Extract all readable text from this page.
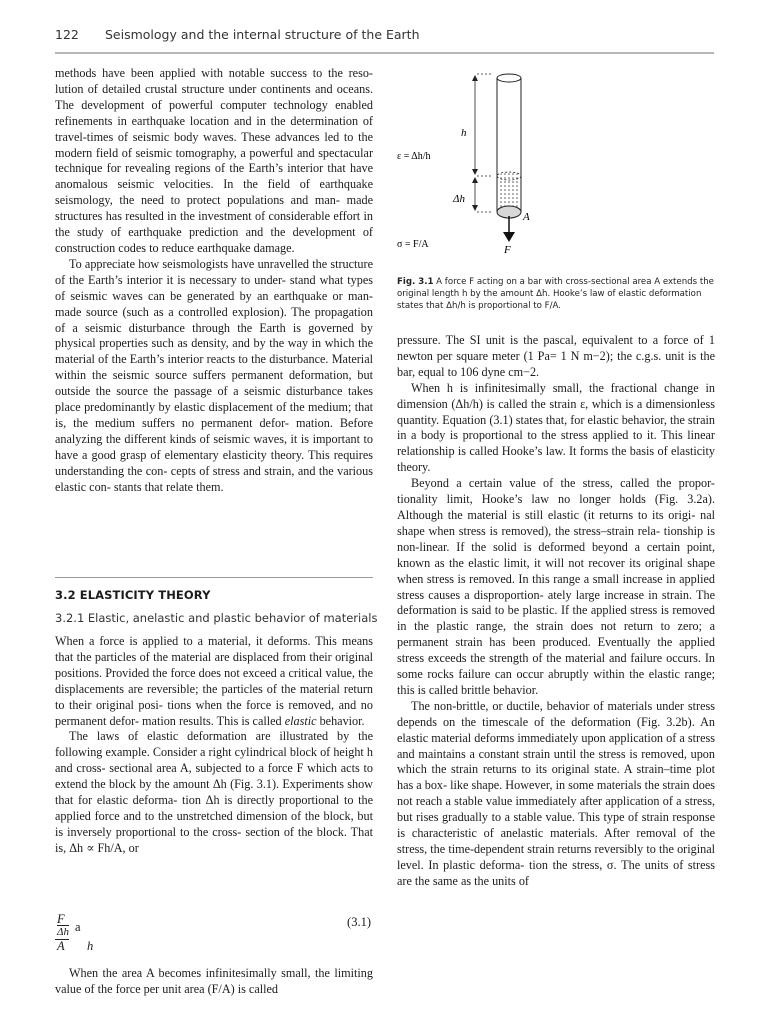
122 Seismology and the internal structure of the Earth

methods have been applied with notable success to the reso- lution of detailed crustal structure under continents and oceans. The development of powerful computer technology enabled refinements in earthquake location and in the determination of travel-times of seismic body waves. These advances led to the modern field of seismic tomography, a powerful and spectacular technique for revealing regions of the Earth’s interior that have anomalous seismic velocities. In the field of earthquake seismology, the need to protect populations and man- made structures has resulted in the investment of considerable effort in the study of earthquake prediction and the development of construction codes to reduce earthquake damage.

To appreciate how seismologists have unravelled the structure of the Earth’s interior it is necessary to under- stand what types of seismic waves can be generated by an earthquake or man-made source (such as a controlled explosion). The propagation of a seismic disturbance through the Earth is governed by physical properties such as density, and by the way in which the material of the Earth’s interior reacts to the disturbance. Material within the seismic source suffers permanent deformation, but outside the source the passage of a seismic disturbance takes place predominantly by elastic displacement of the medium; that is, the medium suffers no permanent defor- mation. Before analyzing the different kinds of seismic waves, it is important to have a good grasp of elementary elasticity theory. This requires understanding the con- cepts of stress and strain, and the various elastic con- stants that relate them.

3.2 ELASTICITY THEORY
3.2.1 Elastic, anelastic and plastic behavior of materials

When a force is applied to a material, it deforms. This means that the particles of the material are displaced from their original positions. Provided the force does not exceed a critical value, the displacements are reversible; the particles of the material return to their original posi- tions when the force is removed, and no permanent defor- mation results. This is called elastic behavior.

The laws of elastic deformation are illustrated by the following example. Consider a right cylindrical block of height h and cross- sectional area A, subjected to a force F which acts to extend the block by the amount Δh (Fig. 3.1). Experiments show that for elastic deforma- tion Δh is directly proportional to the applied force and to the unstretched dimension of the block, but is inversely proportional to the cross- section of the block. That is, Δh ∝ Fh/A, or

F
Δh a
A h
(3.1)

When the area A becomes infinitesimally small, the limiting value of the force per unit area (F/A) is called

h
Δh
A
F
ε = Δh/h
σ = F/A
Fig. 3.1 A force F acting on a bar with cross-sectional area A extends the original length h by the amount Δh. Hooke’s law of elastic deformation states that Δh/h is proportional to F/A.

pressure. The SI unit is the pascal, equivalent to a force of 1 newton per square meter (1 Pa= 1 N m−2); the c.g.s. unit is the bar, equal to 106 dyne cm−2.

When h is infinitesimally small, the fractional change in dimension (Δh/h) is called the strain ε, which is a dimensionless quantity. Equation (3.1) states that, for elastic behavior, the strain in a body is proportional to the stress applied to it. This linear relationship is called Hooke’s law. It forms the basis of elasticity theory.

Beyond a certain value of the stress, called the propor- tionality limit, Hooke’s law no longer holds (Fig. 3.2a). Although the material is still elastic (it returns to its origi- nal shape when stress is removed), the stress–strain rela- tionship is non-linear. If the solid is deformed beyond a certain point, known as the elastic limit, it will not recover its original shape when stress is removed. In this range a small increase in applied stress causes a disproportion- ately large increase in strain. The deformation is said to be plastic. If the applied stress is removed in the plastic range, the strain does not return to zero; a permanent strain has been produced. Eventually the applied stress exceeds the strength of the material and failure occurs. In some rocks failure can occur abruptly within the elastic range; this is called brittle behavior.

The non-brittle, or ductile, behavior of materials under stress depends on the timescale of the deformation (Fig. 3.2b). An elastic material deforms immediately upon application of a stress and maintains a constant strain until the stress is removed, upon which the strain returns to its original state. A strain–time plot has a box- like shape. However, in some materials the strain does not reach a stable value immediately after application of a stress, but rises gradually to a stable value. This type of strain response is characteristic of anelastic materials. After removal of the stress, the time-dependent strain returns reversibly to the original level. In plastic deforma- tion the stress, σ. The units of stress are the same as the units of
